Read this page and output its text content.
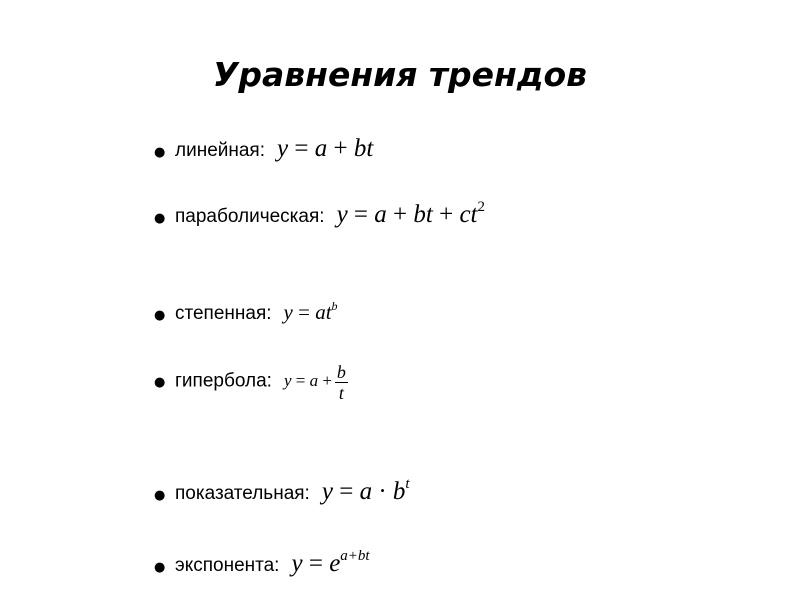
Уравнения трендов
● линейная: y = a + bt
● параболическая: y = a + bt + $ct^2$
● степенная: $y = at^b$
● гипербола: $y = a + \frac{b}{t}$
● показательная: $y = a \cdot b^t$
● экспонента: $y = e^{a+bt}$
